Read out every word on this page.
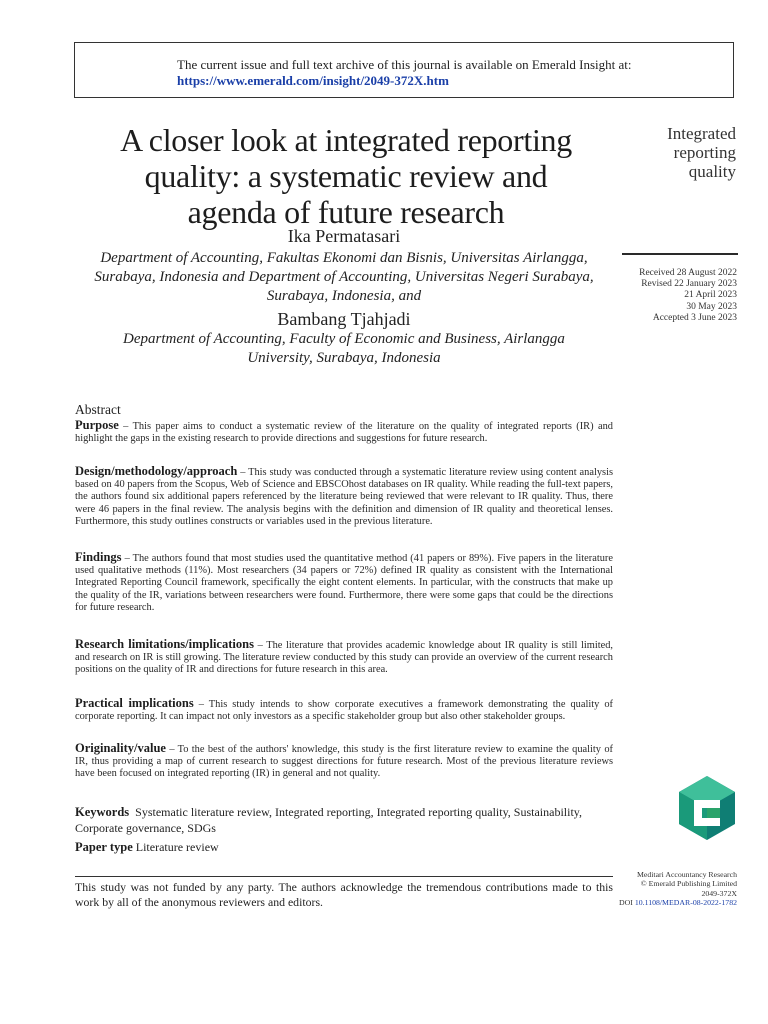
The current issue and full text archive of this journal is available on Emerald Insight at:
https://www.emerald.com/insight/2049-372X.htm
A closer look at integrated reporting
quality: a systematic review and
agenda of future research
Integrated
reporting
quality
Received 28 August 2022
Revised 22 January 2023
21 April 2023
30 May 2023
Accepted 3 June 2023
Ika Permatasari
Department of Accounting, Fakultas Ekonomi dan Bisnis, Universitas Airlangga,
Surabaya, Indonesia and Department of Accounting, Universitas Negeri Surabaya,
Surabaya, Indonesia, and
Bambang Tjahjadi
Department of Accounting, Faculty of Economic and Business, Airlangga
University, Surabaya, Indonesia
Abstract

Purpose – This paper aims to conduct a systematic review of the literature on the quality of integrated reports (IR) and highlight the gaps in the existing research to provide directions and suggestions for future research.

Design/methodology/approach – This study was conducted through a systematic literature review using content analysis based on 40 papers from the Scopus, Web of Science and EBSCOhost databases on IR quality. While reading the full-text papers, the authors found six additional papers referenced by the literature being reviewed that were relevant to IR quality. Thus, there were 46 papers in the final review. The analysis begins with the definition and dimension of IR quality and theoretical lenses. Furthermore, this study outlines constructs or variables used in the previous literature.

Findings – The authors found that most studies used the quantitative method (41 papers or 89%). Five papers in the literature used qualitative methods (11%). Most researchers (34 papers or 72%) defined IR quality as consistent with the International Integrated Reporting Council framework, specifically the eight content elements. In particular, with the constructs that make up the quality of the IR, variations between researchers were found. Furthermore, there were some gaps that could be the directions for future research.

Research limitations/implications – The literature that provides academic knowledge about IR quality is still limited, and research on IR is still growing. The literature review conducted by this study can provide an overview of the current research positions on the quality of IR and directions for future research in this area.

Practical implications – This study intends to show corporate executives a framework demonstrating the quality of corporate reporting. It can impact not only investors as a specific stakeholder group but also other stakeholder groups.

Originality/value – To the best of the authors' knowledge, this study is the first literature review to examine the quality of IR, thus providing a map of current research to suggest directions for future research. Most of the previous literature reviews have been focused on integrated reporting (IR) in general and not quality.

Keywords Systematic literature review, Integrated reporting, Integrated reporting quality, Sustainability, Corporate governance, SDGs
Paper type Literature review
This study was not funded by any party. The authors acknowledge the tremendous contributions made to this work by all of the anonymous reviewers and editors.
Meditari Accountancy Research
© Emerald Publishing Limited
2049-372X
DOI 10.1108/MEDAR-08-2022-1782
